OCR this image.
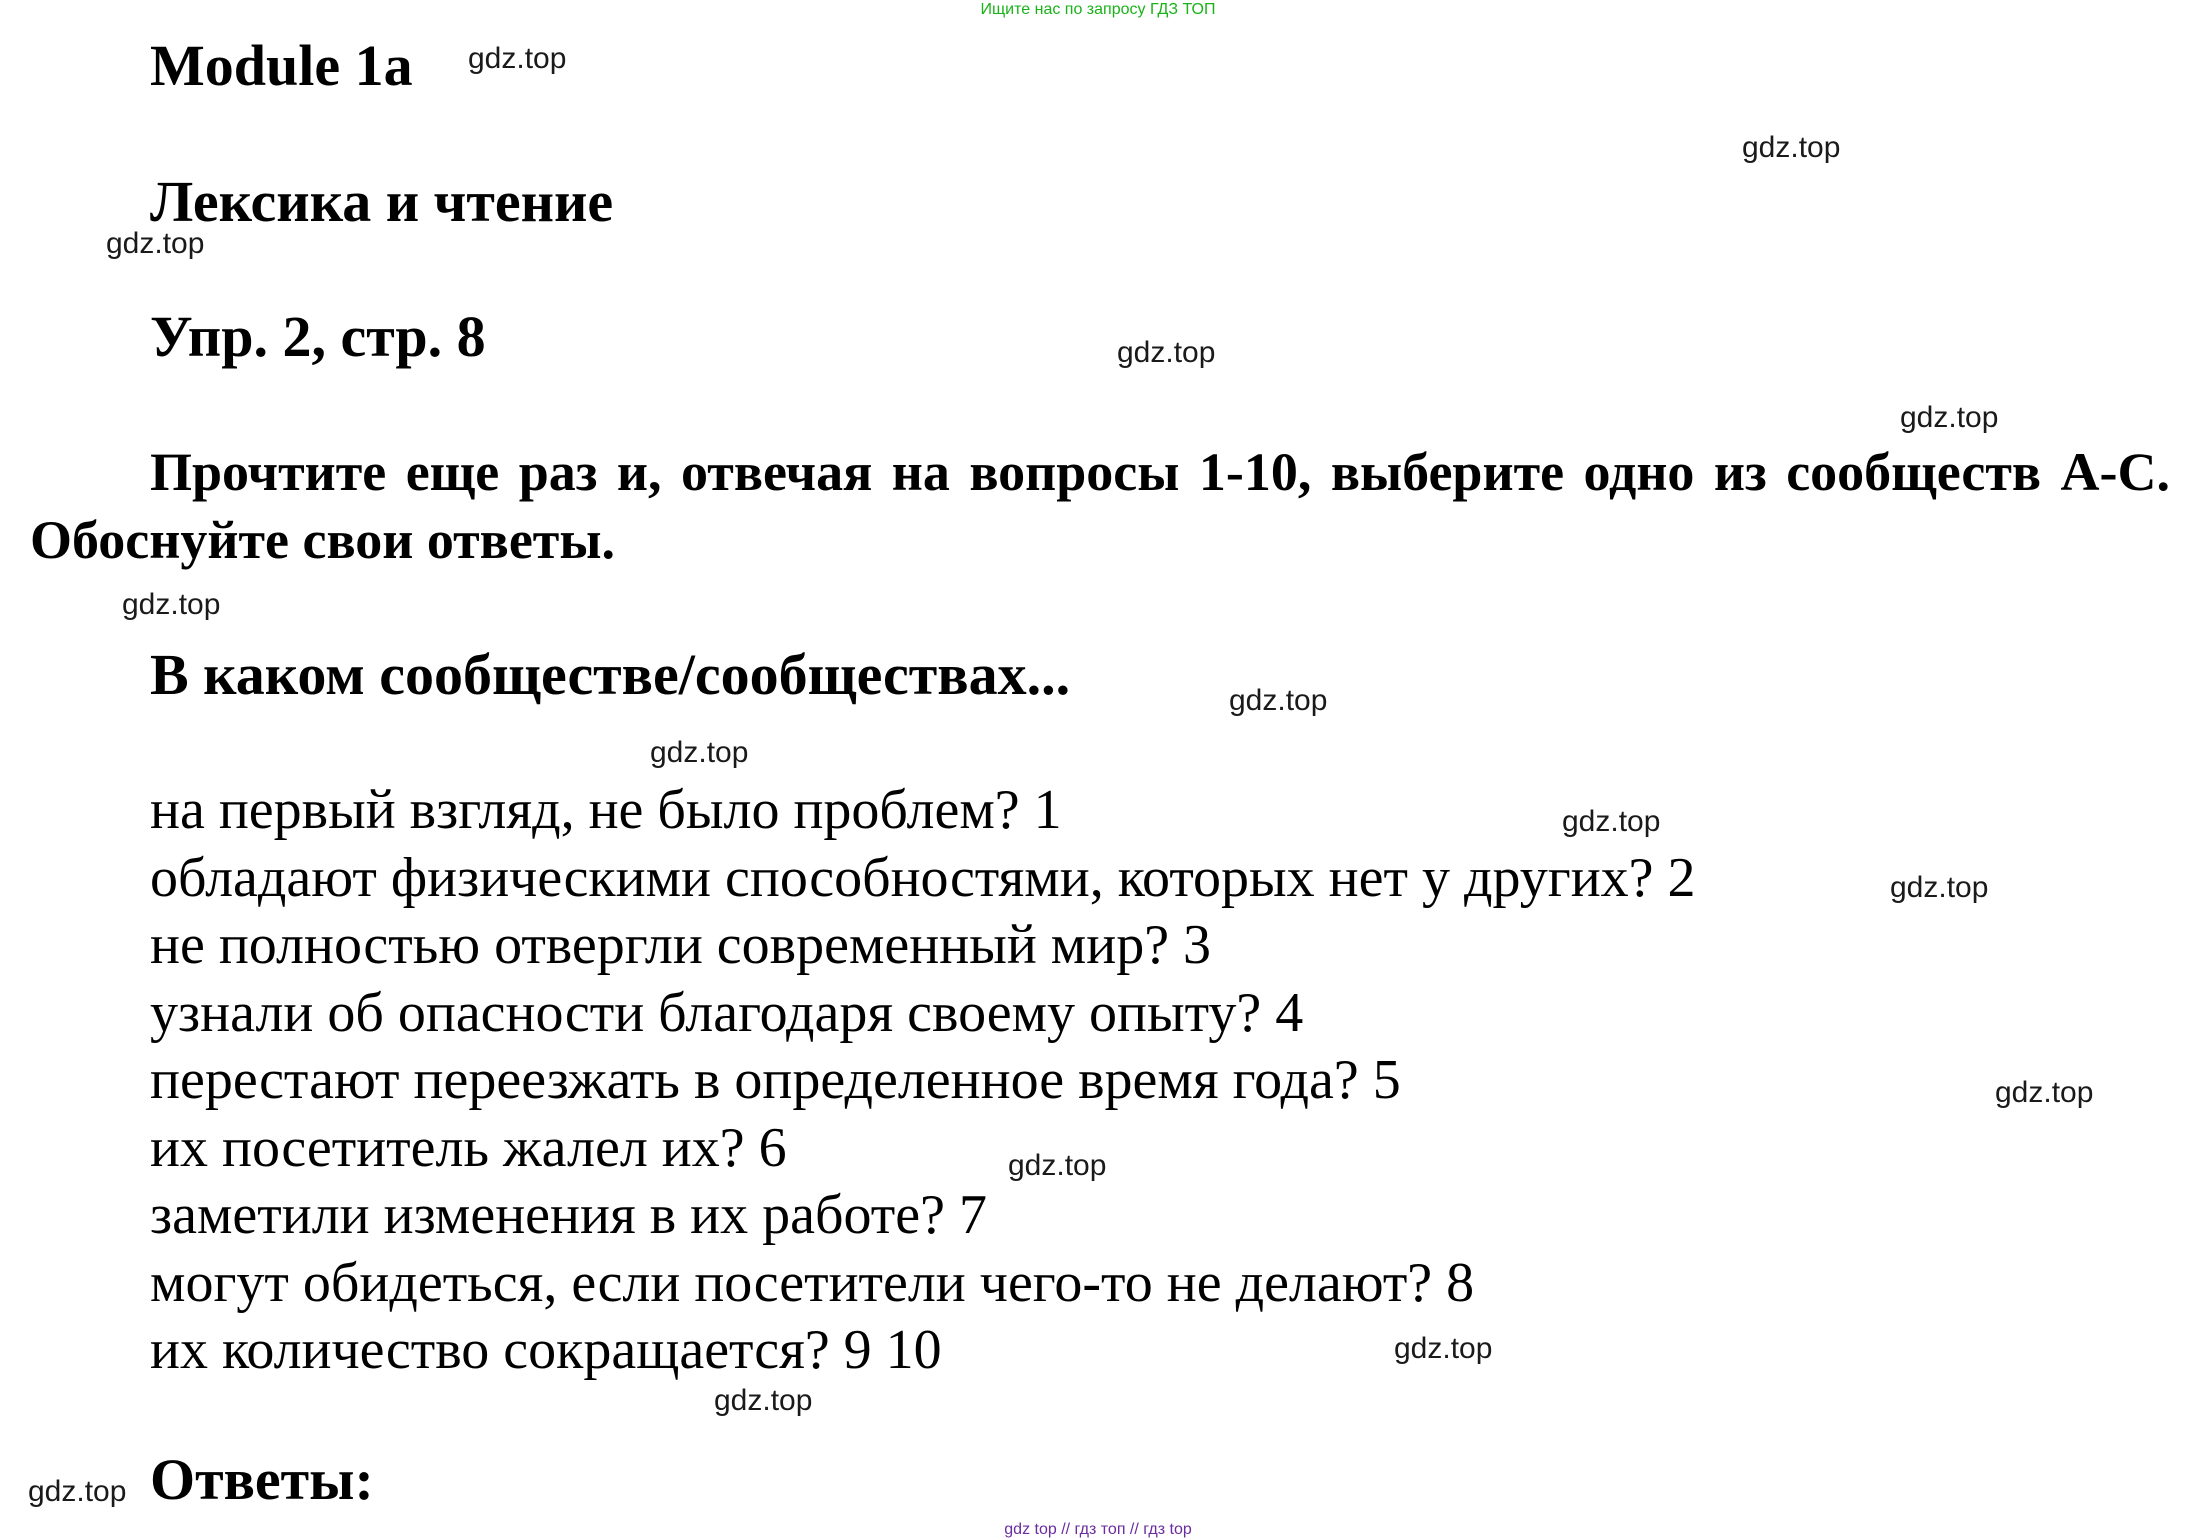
Ищите нас по запросу ГДЗ ТОП
Module 1a
Лексика и чтение
Упр. 2, стр. 8
Прочтите еще раз и, отвечая на вопросы 1-10, выберите одно из сообществ А-С. Обоснуйте свои ответы.
В каком сообществе/сообществах...
на первый взгляд, не было проблем? 1
обладают физическими способностями, которых нет у других? 2
не полностью отвергли современный мир? 3
узнали об опасности благодаря своему опыту? 4
перестают переезжать в определенное время года? 5
их посетитель жалел их? 6
заметили изменения в их работе? 7
могут обидеться, если посетители чего-то не делают? 8
их количество сокращается? 9 10
Ответы:
gdz.top
gdz.top
gdz.top
gdz.top
gdz.top
gdz.top
gdz.top
gdz.top
gdz.top
gdz.top
gdz.top
gdz.top
gdz.top
gdz.top
gdz.top
gdz top // гдз топ // гдз top
